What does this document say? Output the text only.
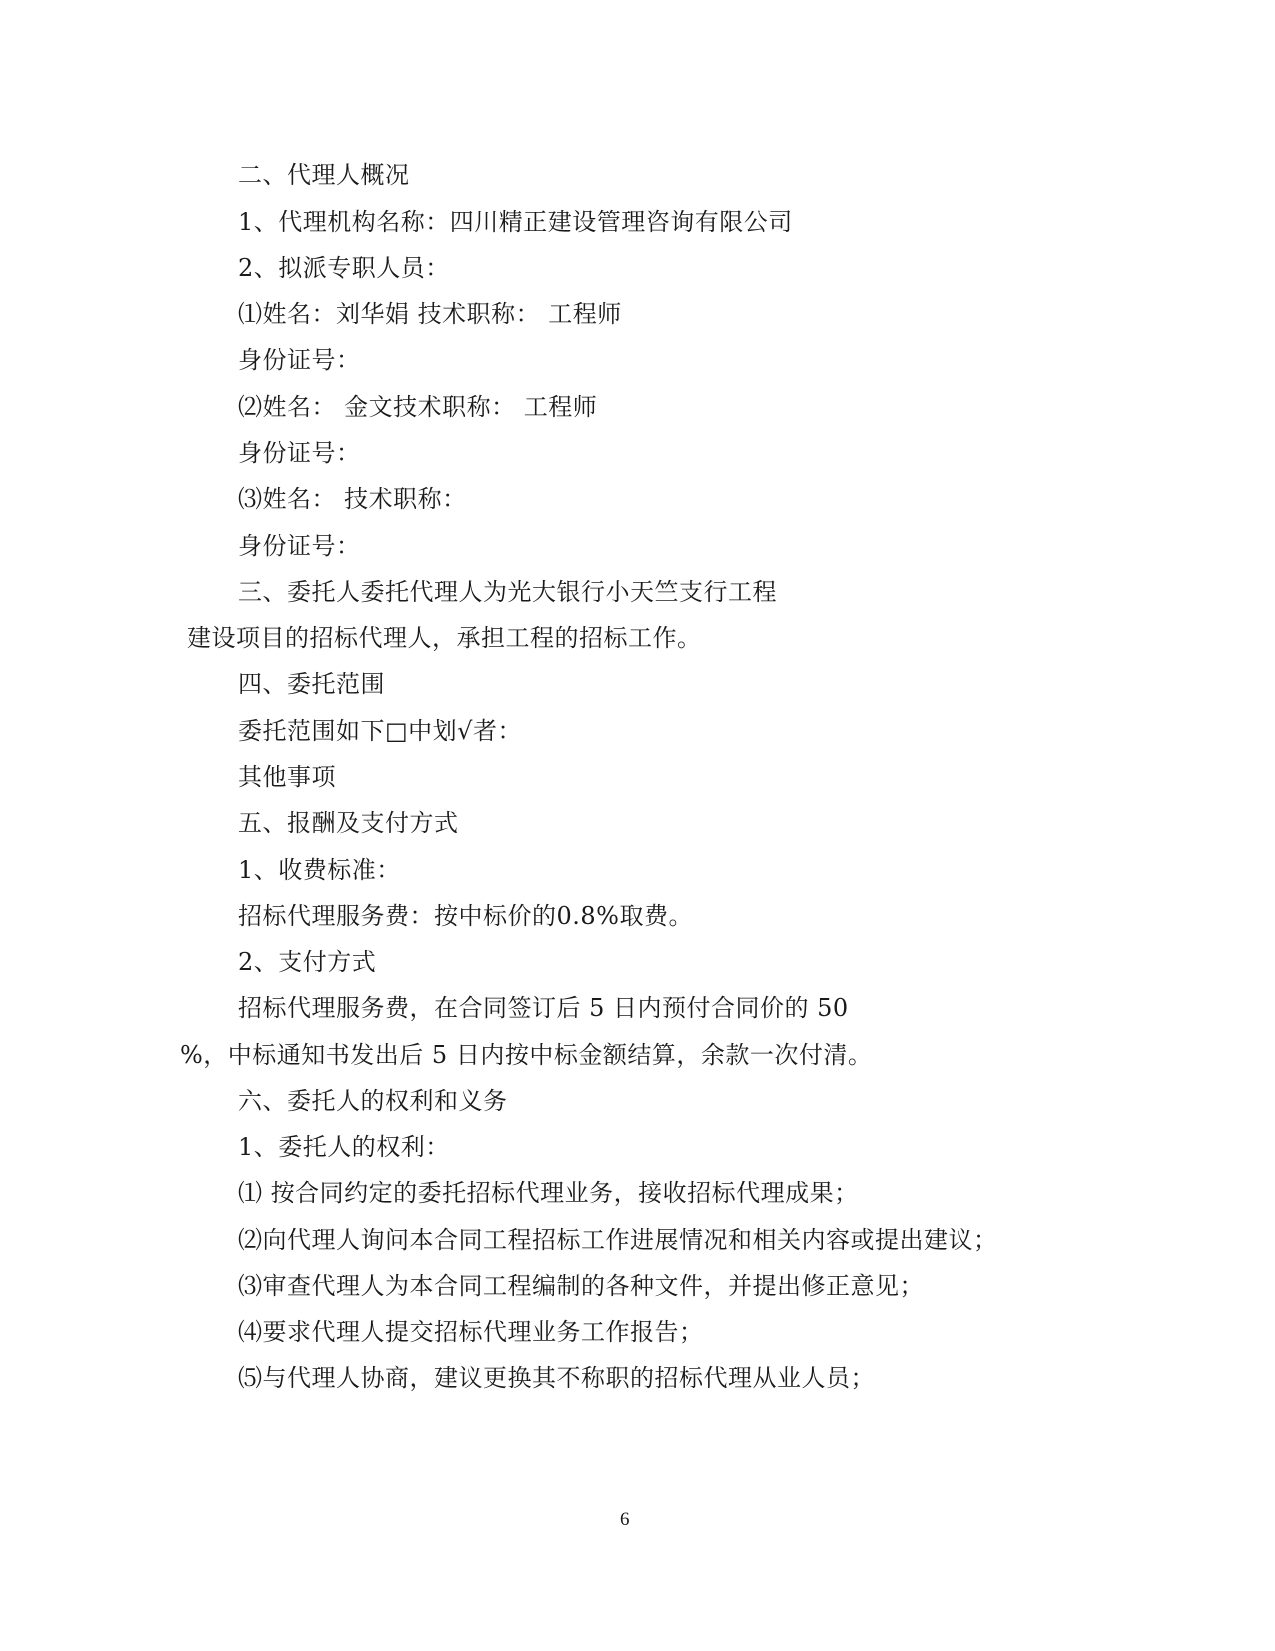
二、代理人概况
1、代理机构名称：四川精正建设管理咨询有限公司
2、拟派专职人员：
⑴姓名：刘华娟 技术职称： 工程师
身份证号：
⑵姓名： 金文技术职称： 工程师
身份证号：
⑶姓名： 技术职称：
身份证号：
三、委托人委托代理人为光大银行小天竺支行工程
建设项目的招标代理人，承担工程的招标工作。
四、委托范围
委托范围如下□中划√者：
其他事项
五、报酬及支付方式
1、收费标准：
招标代理服务费：按中标价的0.8%取费。
2、支付方式
招标代理服务费，在合同签订后 5 日内预付合同价的 50
%，中标通知书发出后 5 日内按中标金额结算，余款一次付清。
六、委托人的权利和义务
1、委托人的权利：
⑴ 按合同约定的委托招标代理业务，接收招标代理成果；
⑵向代理人询问本合同工程招标工作进展情况和相关内容或提出建议；
⑶审查代理人为本合同工程编制的各种文件，并提出修正意见；
⑷要求代理人提交招标代理业务工作报告；
⑸与代理人协商，建议更换其不称职的招标代理从业人员；
6
